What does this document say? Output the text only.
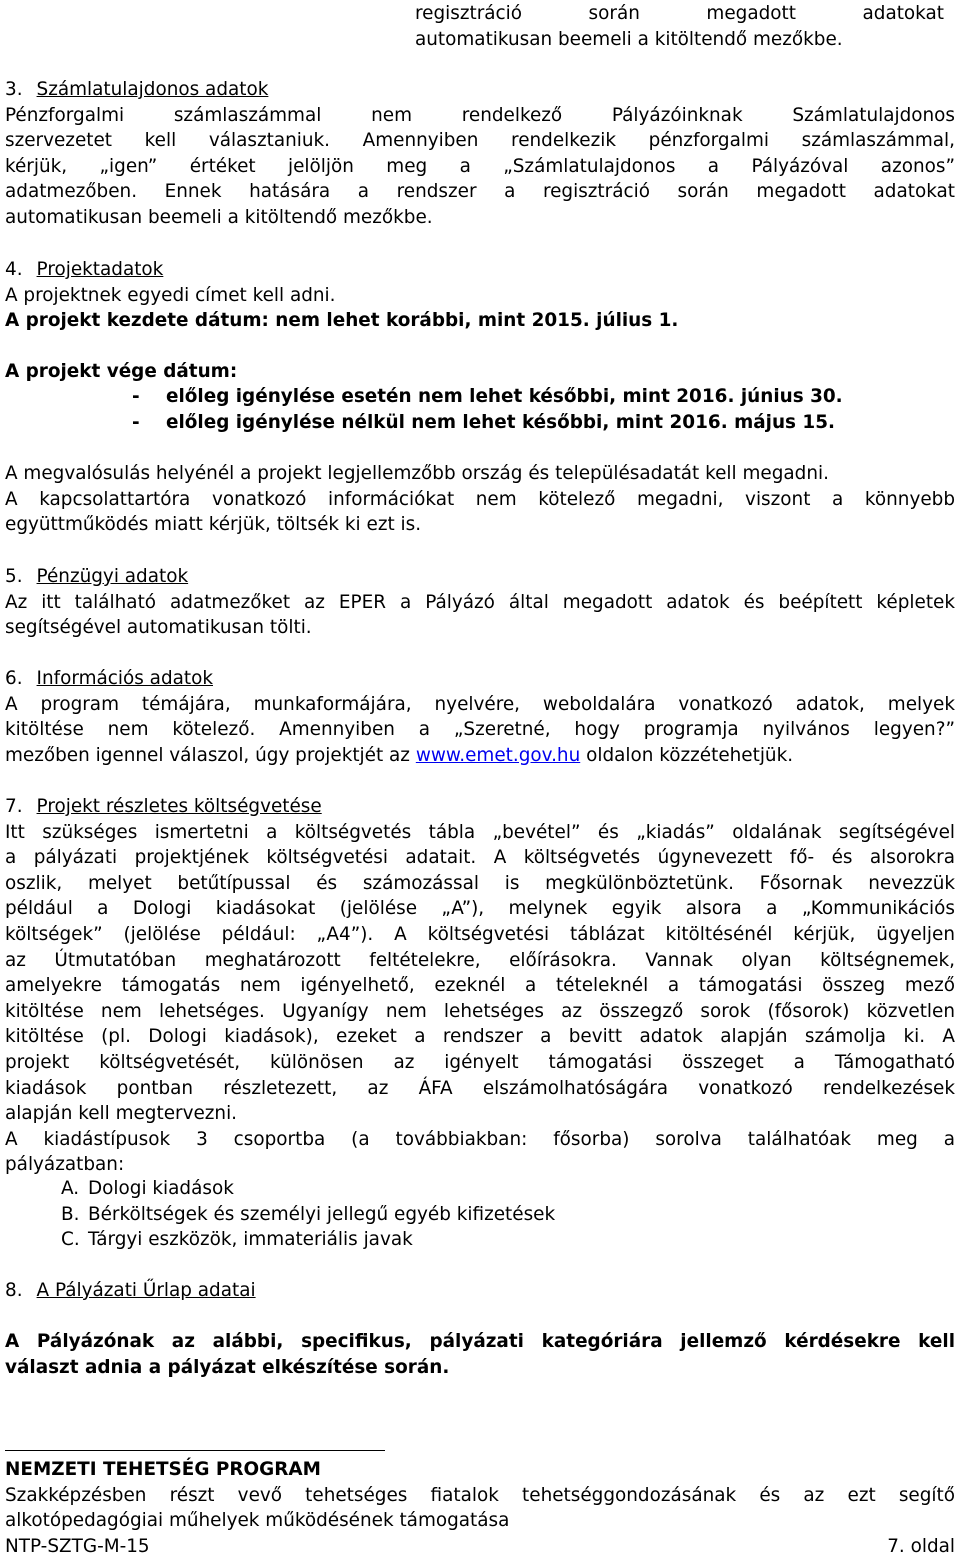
regisztráció során megadott adatokat
automatikusan beemeli a kitöltendő mezőkbe.
3. Számlatulajdonos adatok
Pénzforgalmi számlaszámmal nem rendelkező Pályázóinknak Számlatulajdonos
szervezetet kell választaniuk. Amennyiben rendelkezik pénzforgalmi számlaszámmal,
kérjük, „igen” értéket jelöljön meg a „Számlatulajdonos a Pályázóval azonos”
adatmezőben. Ennek hatására a rendszer a regisztráció során megadott adatokat
automatikusan beemeli a kitöltendő mezőkbe.
4. Projektadatok
A projektnek egyedi címet kell adni.
A projekt kezdete dátum: nem lehet korábbi, mint 2015. július 1.
A projekt vége dátum:
- előleg igénylése esetén nem lehet későbbi, mint 2016. június 30.
- előleg igénylése nélkül nem lehet későbbi, mint 2016. május 15.
A megvalósulás helyénél a projekt legjellemzőbb ország és településadatát kell megadni.
A kapcsolattartóra vonatkozó információkat nem kötelező megadni, viszont a könnyebb
együttműködés miatt kérjük, töltsék ki ezt is.
5. Pénzügyi adatok
Az itt található adatmezőket az EPER a Pályázó által megadott adatok és beépített képletek
segítségével automatikusan tölti.
6. Információs adatok
A program témájára, munkaformájára, nyelvére, weboldalára vonatkozó adatok, melyek
kitöltése nem kötelező. Amennyiben a „Szeretné, hogy programja nyilvános legyen?”
mezőben igennel válaszol, úgy projektjét az www.emet.gov.hu oldalon közzétehetjük.
7. Projekt részletes költségvetése
Itt szükséges ismertetni a költségvetés tábla „bevétel” és „kiadás” oldalának segítségével
a pályázati projektjének költségvetési adatait. A költségvetés úgynevezett fő- és alsorokra
oszlik, melyet betűtípussal és számozással is megkülönböztetünk. Fősornak nevezzük
például a Dologi kiadásokat (jelölése „A”), melynek egyik alsora a „Kommunikációs
költségek” (jelölése például: „A4”). A költségvetési táblázat kitöltésénél kérjük, ügyeljen
az Útmutatóban meghatározott feltételekre, előírásokra. Vannak olyan költségnemek,
amelyekre támogatás nem igényelhető, ezeknél a tételeknél a támogatási összeg mező
kitöltése nem lehetséges. Ugyanígy nem lehetséges az összegző sorok (fősorok) közvetlen
kitöltése (pl. Dologi kiadások), ezeket a rendszer a bevitt adatok alapján számolja ki. A
projekt költségvetését, különösen az igényelt támogatási összeget a Támogatható
kiadások pontban részletezett, az ÁFA elszámolhatóságára vonatkozó rendelkezések
alapján kell megtervezni.
A kiadástípusok 3 csoportba (a továbbiakban: fősorba) sorolva találhatóak meg a
pályázatban:
A. Dologi kiadások
B. Bérköltségek és személyi jellegű egyéb kifizetések
C. Tárgyi eszközök, immateriális javak
8. A Pályázati Űrlap adatai
A Pályázónak az alábbi, specifikus, pályázati kategóriára jellemző kérdésekre kell
választ adnia a pályázat elkészítése során.
NEMZETI TEHETSÉG PROGRAM
Szakképzésben részt vevő tehetséges fiatalok tehetséggondozásának és az ezt segítő
alkotópedagógiai műhelyek működésének támogatása
NTP-SZTG-M-15	7. oldal
